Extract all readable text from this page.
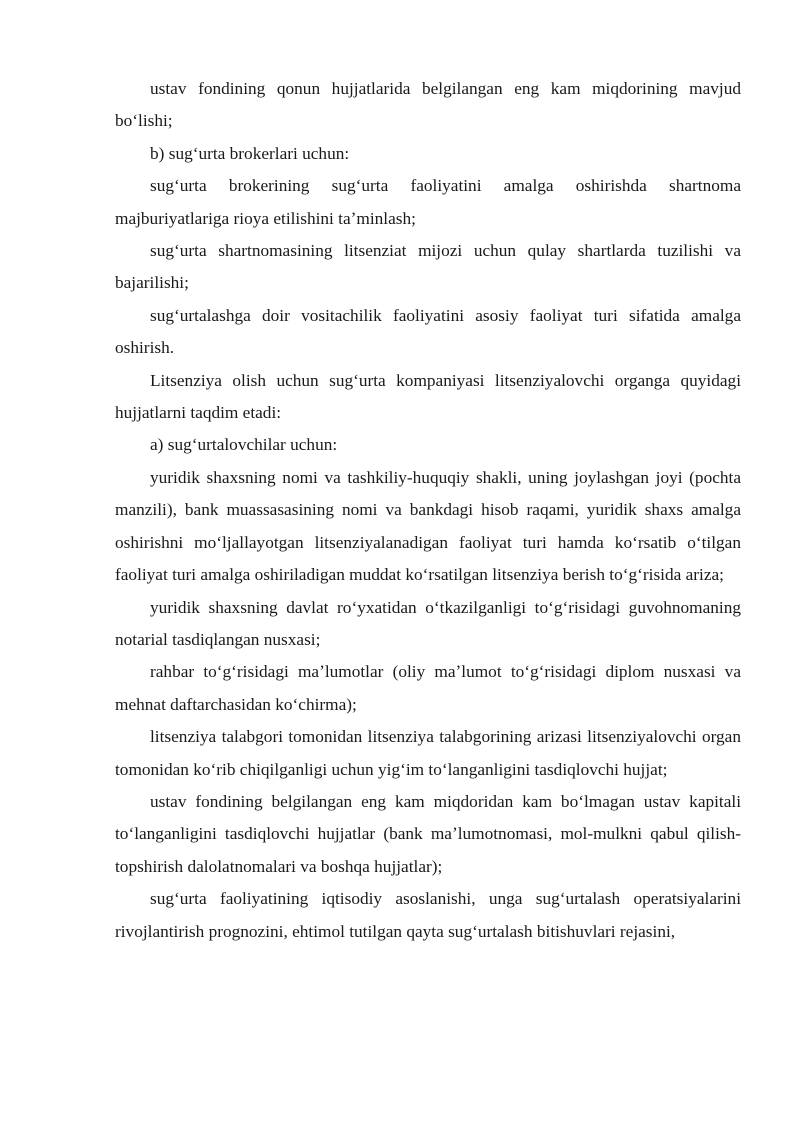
ustav fondining qonun hujjatlarida belgilangan eng kam miqdorining mavjud boʻlishi;

b) sugʻurta brokerlari uchun:

sugʻurta brokerining sugʻurta faoliyatini amalga oshirishda shartnoma majburiyatlariga rioya etilishini taʼminlash;

sugʻurta shartnomasining litsenziat mijozi uchun qulay shartlarda tuzilishi va bajarilishi;

sugʻurtalashga doir vositachilik faoliyatini asosiy faoliyat turi sifatida amalga oshirish.

Litsenziya olish uchun sugʻurta kompaniyasi litsenziyalovchi organga quyidagi hujjatlarni taqdim etadi:

a) sugʻurtalovchilar uchun:

yuridik shaxsning nomi va tashkiliy-huquqiy shakli, uning joylashgan joyi (pochta manzili), bank muassasasining nomi va bankdagi hisob raqami, yuridik shaxs amalga oshirishni moʻljallayotgan litsenziyalanadigan faoliyat turi hamda koʻrsatib oʻtilgan faoliyat turi amalga oshiriladigan muddat koʻrsatilgan litsenziya berish toʻgʻrisida ariza;

yuridik shaxsning davlat roʻyxatidan oʻtkazilganligi toʻgʻrisidagi guvohnomaning notarial tasdiqlangan nusxasi;

rahbar toʻgʻrisidagi maʼlumotlar (oliy maʼlumot toʻgʻrisidagi diplom nusxasi va mehnat daftarchasidan koʻchirma);

litsenziya talabgori tomonidan litsenziya talabgorining arizasi litsenziyalovchi organ tomonidan koʻrib chiqilganligi uchun yigʻim toʻlanganligini tasdiqlovchi hujjat;

ustav fondining belgilangan eng kam miqdoridan kam boʻlmagan ustav kapitali toʻlanganligini tasdiqlovchi hujjatlar (bank maʼlumotnomasi, mol-mulkni qabul qilish-topshirish dalolatnomalari va boshqa hujjatlar);

sugʻurta faoliyatining iqtisodiy asoslanishi, unga sugʻurtalash operatsiyalarini rivojlantirish prognozini, ehtimol tutilgan qayta sugʻurtalash bitishuvlari rejasini,
